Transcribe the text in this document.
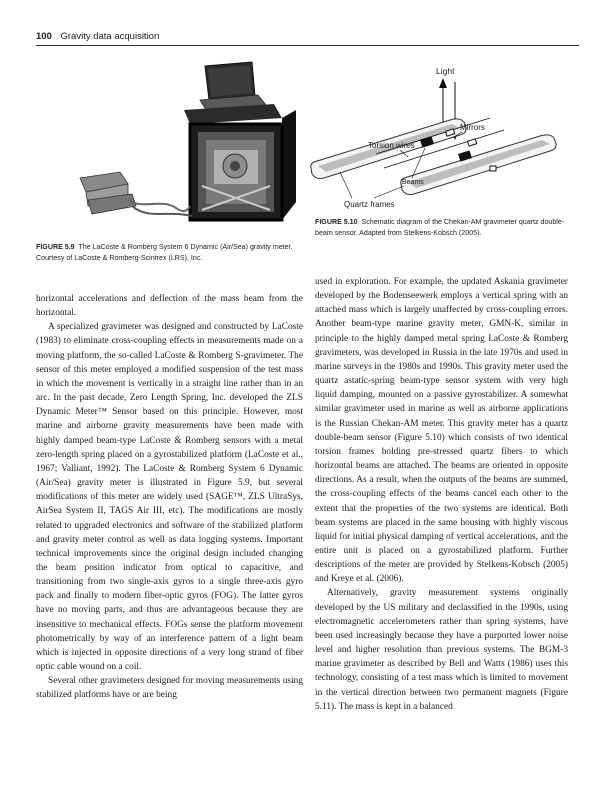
100 Gravity data acquisition
FIGURE 5.9 The LaCoste & Romberg System 6 Dynamic (Air/Sea) gravity meter. Courtesy of LaCoste & Romberg-Scintrex (LRS), Inc.
Light
Mirrors
Torsion wires
Beams
Quartz frames
FIGURE 5.10 Schematic diagram of the Chekan-AM gravimeter quartz double-beam sensor. Adapted from Stelkens-Kobsch (2005).

horizontal accelerations and deflection of the mass beam from the horizontal.

A specialized gravimeter was designed and constructed by LaCoste (1983) to eliminate cross-coupling effects in measurements made on a moving platform, the so-called LaCoste & Romberg S-gravimeter. The sensor of this meter employed a modified suspension of the test mass in which the movement is vertically in a straight line rather than in an arc. In the past decade, Zero Length Spring, Inc. developed the ZLS Dynamic Meter™ Sensor based on this principle. However, most marine and airborne gravity measurements have been made with highly damped beam-type LaCoste & Romberg sensors with a metal zero-length spring placed on a gyrostabilized platform (LaCoste et al., 1967; Valliant, 1992). The LaCoste & Romberg System 6 Dynamic (Air/Sea) gravity meter is illustrated in Figure 5.9, but several modifications of this meter are widely used (SAGE™, ZLS UltraSys, AirSea System II, TAGS Air III, etc). The modifications are mostly related to upgraded electronics and software of the stabilized platform and gravity meter control as well as data logging systems. Important technical improvements since the original design included changing the beam position indicator from optical to capacitive, and transitioning from two single-axis gyros to a single three-axis gyro pack and finally to modern fiber-optic gyros (FOG). The latter gyros have no moving parts, and thus are advantageous because they are insensitive to mechanical effects. FOGs sense the platform movement photometrically by way of an interference pattern of a light beam which is injected in opposite directions of a very long strand of fiber optic cable wound on a coil.

Several other gravimeters designed for moving measurements using stabilized platforms have or are being

used in exploration. For example, the updated Askania gravimeter developed by the Bodenseewerk employs a vertical spring with an attached mass which is largely unaffected by cross-coupling errors. Another beam-type marine gravity meter, GMN-K, similar in principle to the highly damped metal spring LaCoste & Romberg gravimeters, was developed in Russia in the late 1970s and used in marine surveys in the 1980s and 1990s. This gravity meter used the quartz astatic-spring beam-type sensor system with very high liquid damping, mounted on a passive gyrostabilizer. A somewhat similar gravimeter used in marine as well as airborne applications is the Russian Chekan-AM meter. This gravity meter has a quartz double-beam sensor (Figure 5.10) which consists of two identical torsion frames holding pre-stressed quartz fibers to which horizontal beams are attached. The beams are oriented in opposite directions. As a result, when the outputs of the beams are summed, the cross-coupling effects of the beams cancel each other to the extent that the properties of the two systems are identical. Both beam systems are placed in the same housing with highly viscous liquid for initial physical damping of vertical accelerations, and the entire unit is placed on a gyrostabilized platform. Further descriptions of the meter are provided by Stelkens-Kobsch (2005) and Kreye et al. (2006).

Alternatively, gravity measurement systems originally developed by the US military and declassified in the 1990s, using electromagnetic accelerometers rather than spring systems, have been used increasingly because they have a purported lower noise level and higher resolution than previous systems. The BGM-3 marine gravimeter as described by Bell and Watts (1986) uses this technology, consisting of a test mass which is limited to movement in the vertical direction between two permanent magnets (Figure 5.11). The mass is kept in a balanced
